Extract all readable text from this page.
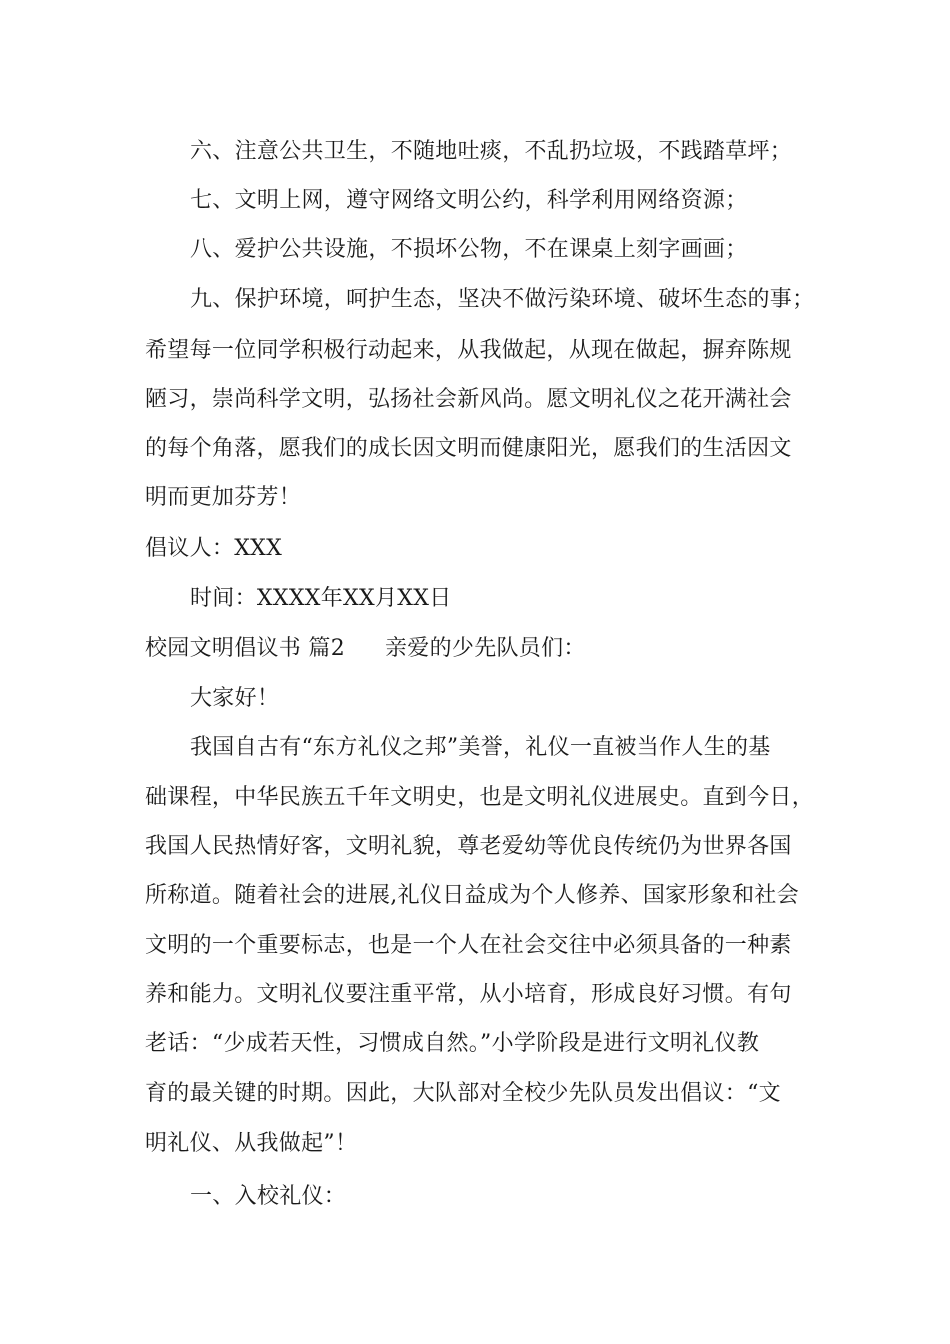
六、注意公共卫生，不随地吐痰，不乱扔垃圾，不践踏草坪；
七、文明上网，遵守网络文明公约，科学利用网络资源；
八、爱护公共设施，不损坏公物，不在课桌上刻字画画；
九、保护环境，呵护生态，坚决不做污染环境、破坏生态的事；
希望每一位同学积极行动起来，从我做起，从现在做起，摒弃陈规
陋习，崇尚科学文明，弘扬社会新风尚。愿文明礼仪之花开满社会
的每个角落，愿我们的成长因文明而健康阳光，愿我们的生活因文
明而更加芬芳！
倡议人：XXX
时间：XXXX年XX月XX日
校园文明倡议书 篇2 亲爱的少先队员们：
大家好！
我国自古有“东方礼仪之邦”美誉，礼仪一直被当作人生的基
础课程，中华民族五千年文明史，也是文明礼仪进展史。直到今日，
我国人民热情好客，文明礼貌，尊老爱幼等优良传统仍为世界各国
所称道。随着社会的进展,礼仪日益成为个人修养、国家形象和社会
文明的一个重要标志，也是一个人在社会交往中必须具备的一种素
养和能力。文明礼仪要注重平常，从小培育，形成良好习惯。有句
老话：“少成若天性，习惯成自然。”小学阶段是进行文明礼仪教
育的最关键的时期。因此，大队部对全校少先队员发出倡议：“文
明礼仪、从我做起”！
一、入校礼仪：
